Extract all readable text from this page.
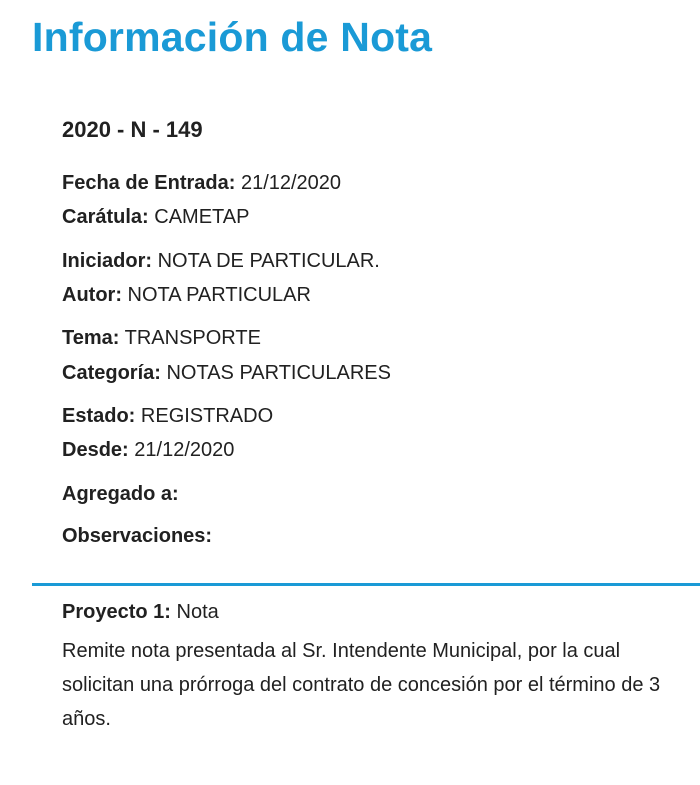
Información de Nota
2020 - N - 149
Fecha de Entrada: 21/12/2020
Carátula: CAMETAP
Iniciador: NOTA DE PARTICULAR.
Autor: NOTA PARTICULAR
Tema: TRANSPORTE
Categoría: NOTAS PARTICULARES
Estado: REGISTRADO
Desde: 21/12/2020
Agregado a:
Observaciones:
Proyecto 1: Nota

Remite nota presentada al Sr. Intendente Municipal, por la cual solicitan una prórroga del contrato de concesión por el término de 3 años.
